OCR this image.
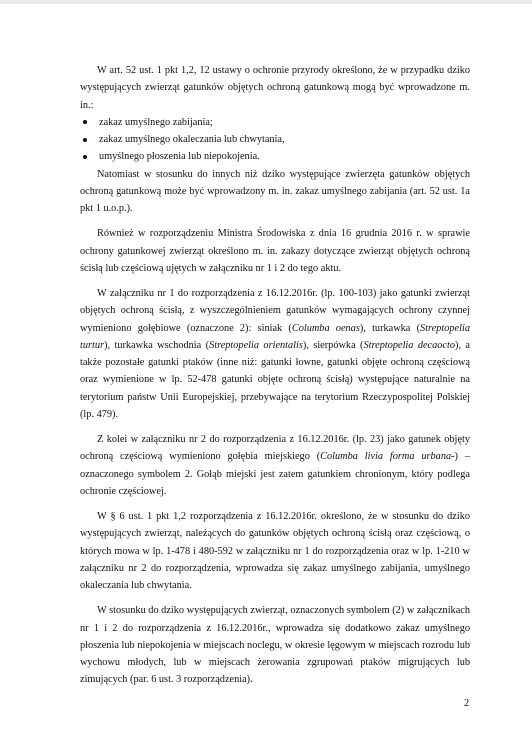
W art. 52 ust. 1 pkt 1,2, 12 ustawy o ochronie przyrody określono, że w przypadku dziko występujących zwierząt gatunków objętych ochroną gatunkową mogą być wprowadzone m. in.:

zakaz umyślnego zabijania;
zakaz umyślnego okaleczania lub chwytania,
umyślnego płoszenia lub niepokojenia.

Natomiast w stosunku do innych niż dziko występujące zwierzęta gatunków objętych ochroną gatunkową może być wprowadzony m. in. zakaz umyślnego zabijania (art. 52 ust. 1a pkt 1 u.o.p.).

Również w rozporządzeniu Ministra Środowiska z dnia 16 grudnia 2016 r. w sprawie ochrony gatunkowej zwierząt określono m. in. zakazy dotyczące zwierząt objętych ochroną ścisłą lub częściową ujętych w załączniku nr 1 i 2 do tego aktu.

W załączniku nr 1 do rozporządzenia z 16.12.2016r. (lp. 100-103) jako gatunki zwierząt objętych ochroną ścisłą, z wyszczególnieniem gatunków wymagających ochrony czynnej wymieniono gołębiowe (oznaczone 2): siniak (Columba oenas), turkawka (Streptopelia turtur), turkawka wschodnia (Streptopelia orientalis), sierpówka (Streptopelia decaocto), a także pozostałe gatunki ptaków (inne niż: gatunki łowne, gatunki objęte ochroną częściową oraz wymienione w lp. 52-478 gatunki objęte ochroną ścisłą) występujące naturalnie na terytorium państw Unii Europejskiej, przebywające na terytorium Rzeczypospolitej Polskiej (lp. 479).

Z kolei w załączniku nr 2 do rozporządzenia z 16.12.2016r. (lp. 23) jako gatunek objęty ochroną częściową wymieniono gołębia miejskiego (Columba livia forma urbana-) – oznaczonego symbolem 2. Gołąb miejski jest zatem gatunkiem chronionym, który podlega ochronie częściowej.

W § 6 ust. 1 pkt 1,2 rozporządzenia z 16.12.2016r. określono, że w stosunku do dziko występujących zwierząt, należących do gatunków objętych ochroną ścisłą oraz częściową, o których mowa w lp. 1-478 i 480-592 w załączniku nr 1 do rozporządzenia oraz w lp. 1-210 w załączniku nr 2 do rozporządzenia, wprowadza się zakaz umyślnego zabijania, umyślnego okaleczania lub chwytania.

W stosunku do dziko występujących zwierząt, oznaczonych symbolem (2) w załącznikach nr 1 i 2 do rozporządzenia z 16.12.2016r., wprowadza się dodatkowo zakaz umyślnego płoszenia lub niepokojenia w miejscach noclegu, w okresie lęgowym w miejscach rozrodu lub wychowu młodych, lub w miejscach żerowania zgrupowań ptaków migrujących lub zimujących (par. 6 ust. 3 rozporządzenia).

2
